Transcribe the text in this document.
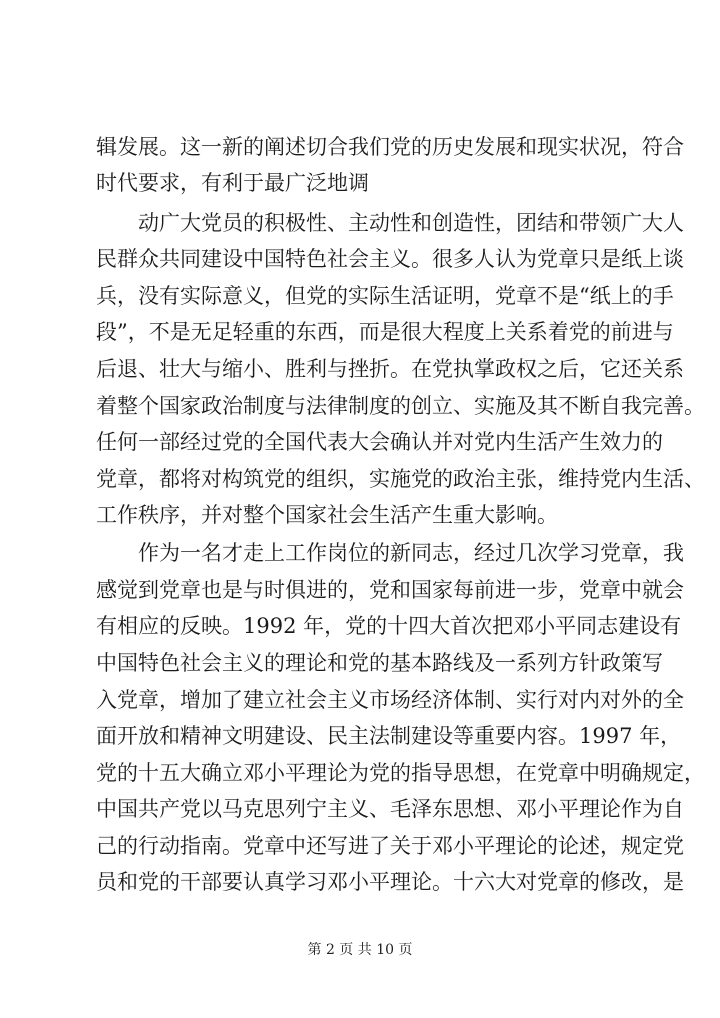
辑发展。这一新的阐述切合我们党的历史发展和现实状况，符合
时代要求，有利于最广泛地调
　　动广大党员的积极性、主动性和创造性，团结和带领广大人
民群众共同建设中国特色社会主义。很多人认为党章只是纸上谈
兵，没有实际意义，但党的实际生活证明，党章不是“纸上的手
段”，不是无足轻重的东西，而是很大程度上关系着党的前进与
后退、壮大与缩小、胜利与挫折。在党执掌政权之后，它还关系
着整个国家政治制度与法律制度的创立、实施及其不断自我完善。
任何一部经过党的全国代表大会确认并对党内生活产生效力的
党章，都将对构筑党的组织，实施党的政治主张，维持党内生活、
工作秩序，并对整个国家社会生活产生重大影响。
　　作为一名才走上工作岗位的新同志，经过几次学习党章，我
感觉到党章也是与时俱进的，党和国家每前进一步，党章中就会
有相应的反映。1992 年，党的十四大首次把邓小平同志建设有
中国特色社会主义的理论和党的基本路线及一系列方针政策写
入党章，增加了建立社会主义市场经济体制、实行对内对外的全
面开放和精神文明建设、民主法制建设等重要内容。1997 年，
党的十五大确立邓小平理论为党的指导思想，在党章中明确规定，
中国共产党以马克思列宁主义、毛泽东思想、邓小平理论作为自
己的行动指南。党章中还写进了关于邓小平理论的论述，规定党
员和党的干部要认真学习邓小平理论。十六大对党章的修改，是
第 2 页 共 10 页
